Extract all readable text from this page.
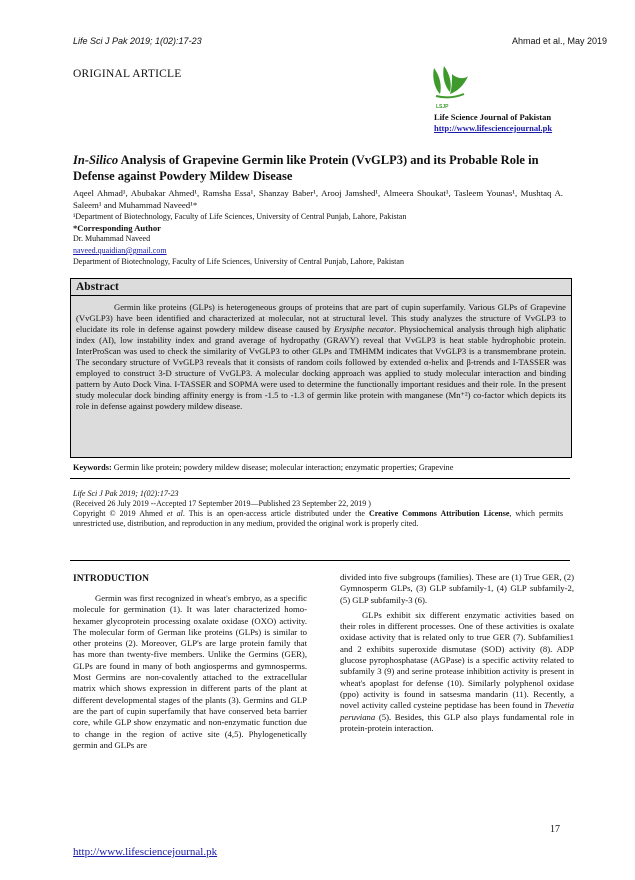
Life Sci J Pak 2019; 1(02):17-23	Ahmad et al., May 2019
ORIGINAL ARTICLE
LSJP
Life Science Journal of Pakistan
http://www.lifesciencejournal.pk
In-Silico Analysis of Grapevine Germin like Protein (VvGLP3) and its Probable Role in Defense against Powdery Mildew Disease
Aqeel Ahmad¹, Abubakar Ahmed¹, Ramsha Essa¹, Shanzay Baber¹, Arooj Jamshed¹, Almeera Shoukat¹, Tasleem Younas¹, Mushtaq A. Saleem¹ and Muhammad Naveed¹*
¹Department of Biotechnology, Faculty of Life Sciences, University of Central Punjab, Lahore, Pakistan
*Corresponding Author
Dr. Muhammad Naveed
naveed.quaidian@gmail.com
Department of Biotechnology, Faculty of Life Sciences, University of Central Punjab, Lahore, Pakistan
Abstract

Germin like proteins (GLPs) is heterogeneous groups of proteins that are part of cupin superfamily. Various GLPs of Grapevine (VvGLP3) have been identified and characterized at molecular, not at structural level. This study analyzes the structure of VvGLP3 to elucidate its role in defense against powdery mildew disease caused by Erysiphe necator. Physiochemical analysis through high aliphatic index (AI), low instability index and grand average of hydropathy (GRAVY) reveal that VvGLP3 is heat stable hydrophobic protein. InterProScan was used to check the similarity of VvGLP3 to other GLPs and TMHMM indicates that VvGLP3 is a transmembrane protein. The secondary structure of VvGLP3 reveals that it consists of random coils followed by extended α-helix and β-trends and I-TASSER was employed to construct 3-D structure of VvGLP3. A molecular docking approach was applied to study molecular interaction and binding pattern by Auto Dock Vina. I-TASSER and SOPMA were used to determine the functionally important residues and their role. In the present study molecular dock binding affinity energy is from -1.5 to -1.3 of germin like protein with manganese (Mn⁺²) co-factor which depicts its role in defense against powdery mildew disease.

Keywords: Germin like protein; powdery mildew disease; molecular interaction; enzymatic properties; Grapevine
Life Sci J Pak 2019; 1(02):17-23
(Received 26 July 2019 --Accepted 17 September 2019—Published 23 September 22, 2019 )

Copyright © 2019 Ahmed et al. This is an open-access article distributed under the Creative Commons Attribution License, which permits unrestricted use, distribution, and reproduction in any medium, provided the original work is properly cited.

INTRODUCTION

Germin was first recognized in wheat's embryo, as a specific molecule for germination (1). It was later characterized homo-hexamer glycoprotein processing oxalate oxidase (OXO) activity. The molecular form of German like proteins (GLPs) is similar to other proteins (2). Moreover, GLP's are large protein family that has more than twenty-five members. Unlike the Germins (GER), GLPs are found in many of both angiosperms and gymnosperms. Most Germins are non-covalently attached to the extracellular matrix which shows expression in different parts of the plant at different developmental stages of the plants (3). Germins and GLP are the part of cupin superfamily that have conserved beta barrier core, while GLP show enzymatic and non-enzymatic function due to change in the region of active site (4,5). Phylogenetically germin and GLPs are

divided into five subgroups (families). These are (1) True GER, (2) Gymnosperm GLPs, (3) GLP subfamily-1, (4) GLP subfamily-2, (5) GLP subfamily-3 (6).

GLPs exhibit six different enzymatic activities based on their roles in different processes. One of these activities is oxalate oxidase activity that is related only to true GER (7). Subfamilies1 and 2 exhibits superoxide dismutase (SOD) activity (8). ADP glucose pyrophosphatase (AGPase) is a specific activity related to subfamily 3 (9) and serine protease inhibition activity is present in wheat's apoplast for defense (10). Similarly polyphenol oxidase (ppo) activity is found in satsesma mandarin (11). Recently, a novel activity called cysteine peptidase has been found in Thevetia peruviana (5). Besides, this GLP also plays fundamental role in protein-protein interaction.

17
http://www.lifesciencejournal.pk
